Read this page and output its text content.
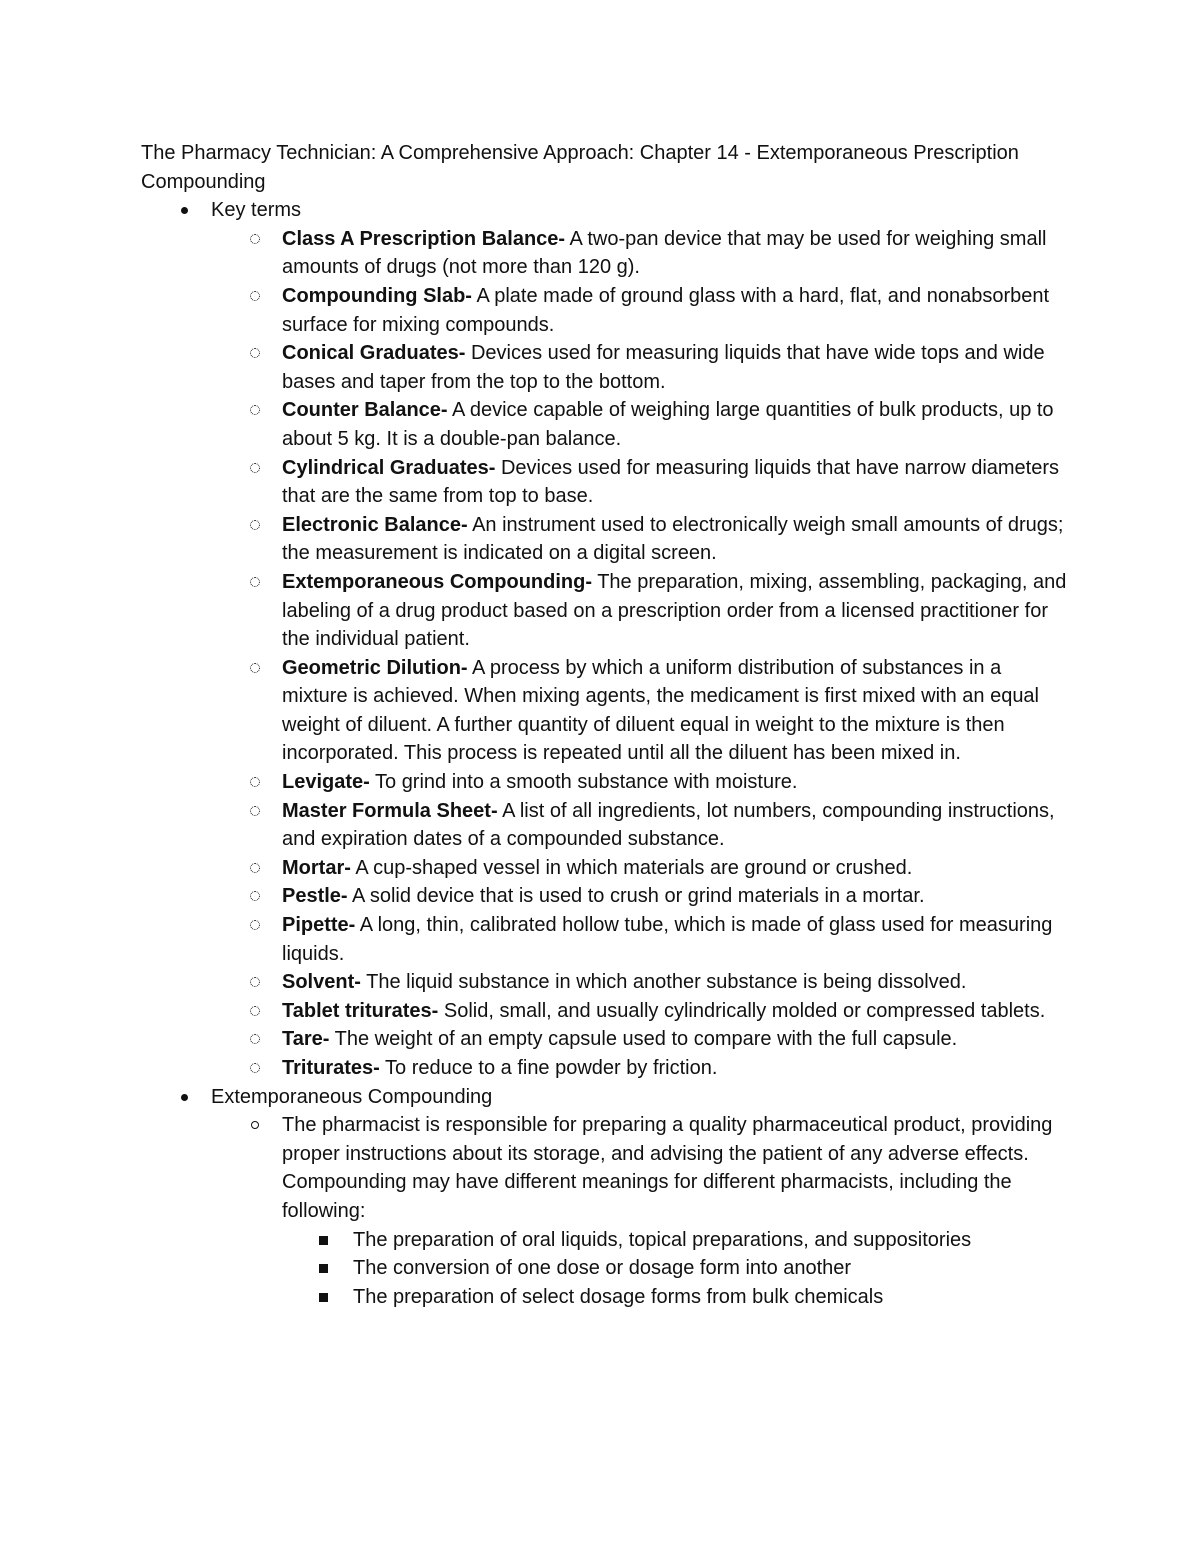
The Pharmacy Technician: A Comprehensive Approach: Chapter 14 - Extemporaneous Prescription Compounding
Key terms
Class A Prescription Balance- A two-pan device that may be used for weighing small amounts of drugs (not more than 120 g).
Compounding Slab- A plate made of ground glass with a hard, flat, and nonabsorbent surface for mixing compounds.
Conical Graduates- Devices used for measuring liquids that have wide tops and wide bases and taper from the top to the bottom.
Counter Balance- A device capable of weighing large quantities of bulk products, up to about 5 kg. It is a double-pan balance.
Cylindrical Graduates- Devices used for measuring liquids that have narrow diameters that are the same from top to base.
Electronic Balance- An instrument used to electronically weigh small amounts of drugs; the measurement is indicated on a digital screen.
Extemporaneous Compounding- The preparation, mixing, assembling, packaging, and labeling of a drug product based on a prescription order from a licensed practitioner for the individual patient.
Geometric Dilution- A process by which a uniform distribution of substances in a mixture is achieved. When mixing agents, the medicament is first mixed with an equal weight of diluent. A further quantity of diluent equal in weight to the mixture is then incorporated. This process is repeated until all the diluent has been mixed in.
Levigate- To grind into a smooth substance with moisture.
Master Formula Sheet- A list of all ingredients, lot numbers, compounding instructions, and expiration dates of a compounded substance.
Mortar- A cup-shaped vessel in which materials are ground or crushed.
Pestle- A solid device that is used to crush or grind materials in a mortar.
Pipette- A long, thin, calibrated hollow tube, which is made of glass used for measuring liquids.
Solvent- The liquid substance in which another substance is being dissolved.
Tablet triturates- Solid, small, and usually cylindrically molded or compressed tablets.
Tare- The weight of an empty capsule used to compare with the full capsule.
Triturates- To reduce to a fine powder by friction.
Extemporaneous Compounding
The pharmacist is responsible for preparing a quality pharmaceutical product, providing proper instructions about its storage, and advising the patient of any adverse effects. Compounding may have different meanings for different pharmacists, including the following:
The preparation of oral liquids, topical preparations, and suppositories
The conversion of one dose or dosage form into another
The preparation of select dosage forms from bulk chemicals
